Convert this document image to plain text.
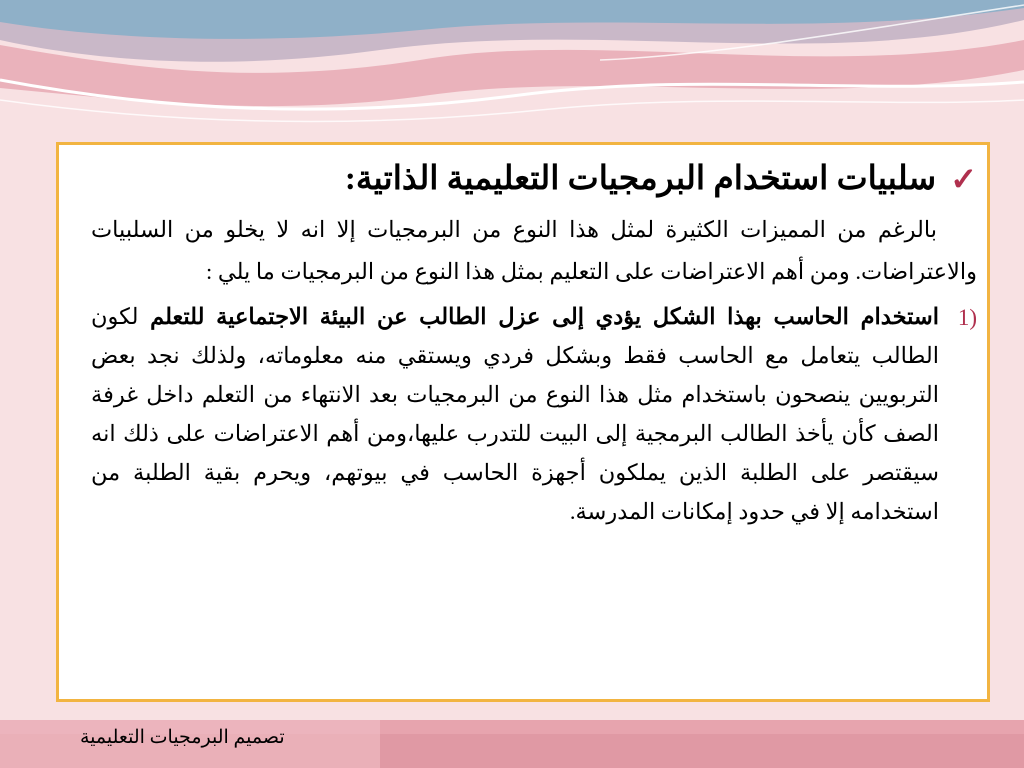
✓
سلبيات استخدام البرمجيات التعليمية الذاتية:

بالرغم من المميزات الكثيرة لمثل هذا النوع من البرمجيات إلا انه لا يخلو من السلبيات والاعتراضات. ومن أهم الاعتراضات على التعليم بمثل هذا النوع من البرمجيات ما يلي :

(1
استخدام الحاسب بهذا الشكل يؤدي إلى عزل الطالب عن البيئة الاجتماعية للتعلم لكون الطالب يتعامل مع الحاسب فقط وبشكل فردي ويستقي منه معلوماته، ولذلك نجد بعض التربويين ينصحون باستخدام مثل هذا النوع من البرمجيات بعد الانتهاء من التعلم داخل غرفة الصف كأن يأخذ الطالب البرمجية إلى البيت للتدرب عليها،ومن أهم الاعتراضات على ذلك انه سيقتصر على الطلبة الذين يملكون أجهزة الحاسب في بيوتهم، ويحرم بقية الطلبة من استخدامه إلا في حدود إمكانات المدرسة.
تصميم البرمجيات التعليمية
